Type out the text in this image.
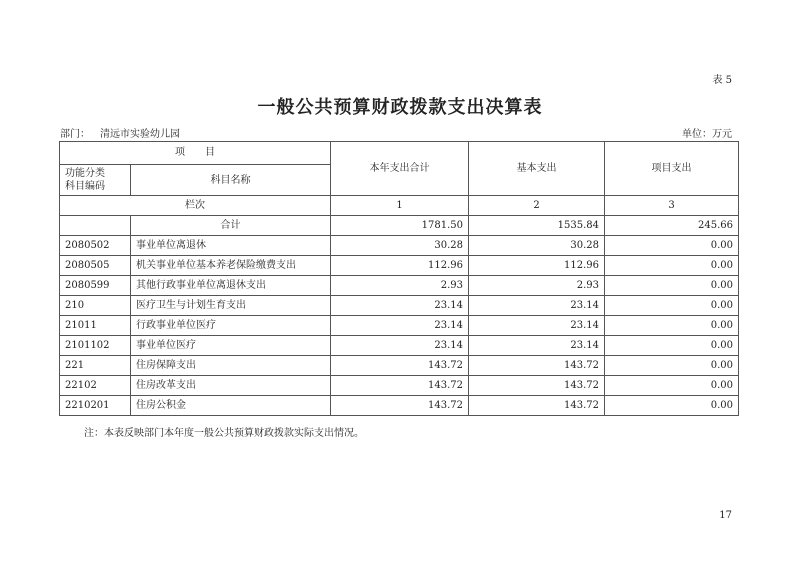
表 5
一般公共预算财政拨款支出决算表
部门： 清远市实验幼儿园	单位：万元
项　　目		本年支出合计	基本支出	项目支出
功能分类
科目编码	科目名称			
栏次		1	2	3
	合计	1781.50	1535.84	245.66
2080502	事业单位离退休	30.28	30.28	0.00
2080505	机关事业单位基本养老保险缴费支出	112.96	112.96	0.00
2080599	其他行政事业单位离退休支出	2.93	2.93	0.00
210	医疗卫生与计划生育支出	23.14	23.14	0.00
21011	行政事业单位医疗	23.14	23.14	0.00
2101102	事业单位医疗	23.14	23.14	0.00
221	住房保障支出	143.72	143.72	0.00
22102	住房改革支出	143.72	143.72	0.00
2210201	住房公积金	143.72	143.72	0.00
注：本表反映部门本年度一般公共预算财政拨款实际支出情况。
17
